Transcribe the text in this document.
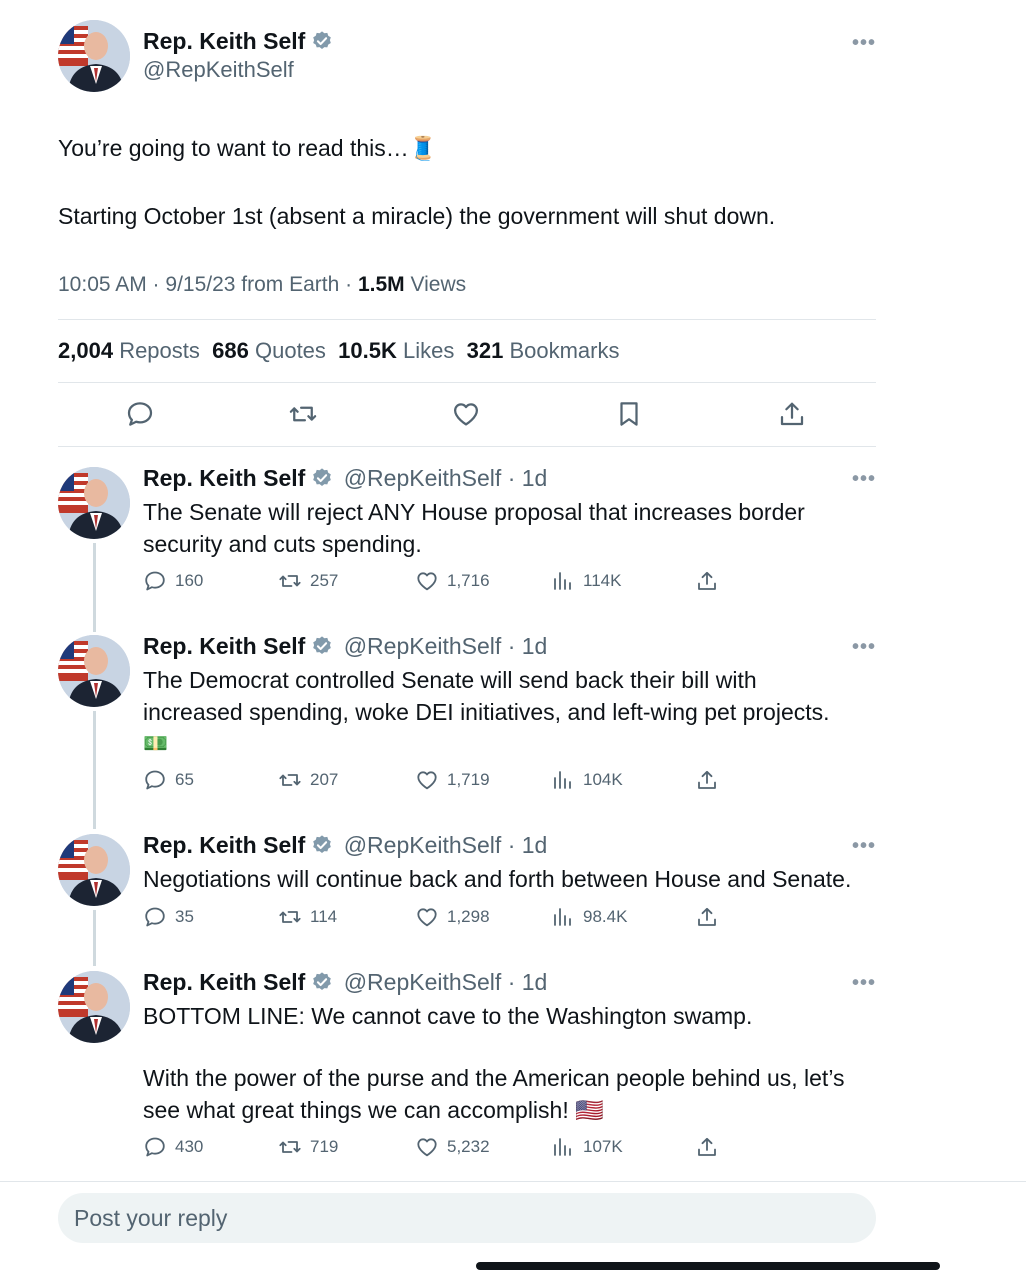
Rep. Keith Self
@RepKeithSelf
•••
You’re going to want to read this…🧵
Starting October 1st (absent a miracle) the government will shut down.
10:05 AM · 9/15/23 from Earth · 1.5M Views
2,004 Reposts 686 Quotes 10.5K Likes 321 Bookmarks
Rep. Keith Self @RepKeithSelf · 1d	•••
The Senate will reject ANY House proposal that increases border
security and cuts spending.
160	257	1,716	114K
Rep. Keith Self @RepKeithSelf · 1d	•••
The Democrat controlled Senate will send back their bill with
increased spending, woke DEI initiatives, and left-wing pet projects.
💵
65	207	1,719	104K
Rep. Keith Self @RepKeithSelf · 1d	•••
Negotiations will continue back and forth between House and Senate.
35	114	1,298	98.4K
Rep. Keith Self @RepKeithSelf · 1d	•••
BOTTOM LINE: We cannot cave to the Washington swamp.
With the power of the purse and the American people behind us, let’s
see what great things we can accomplish! 🇺🇸
430	719	5,232	107K
Post your reply
